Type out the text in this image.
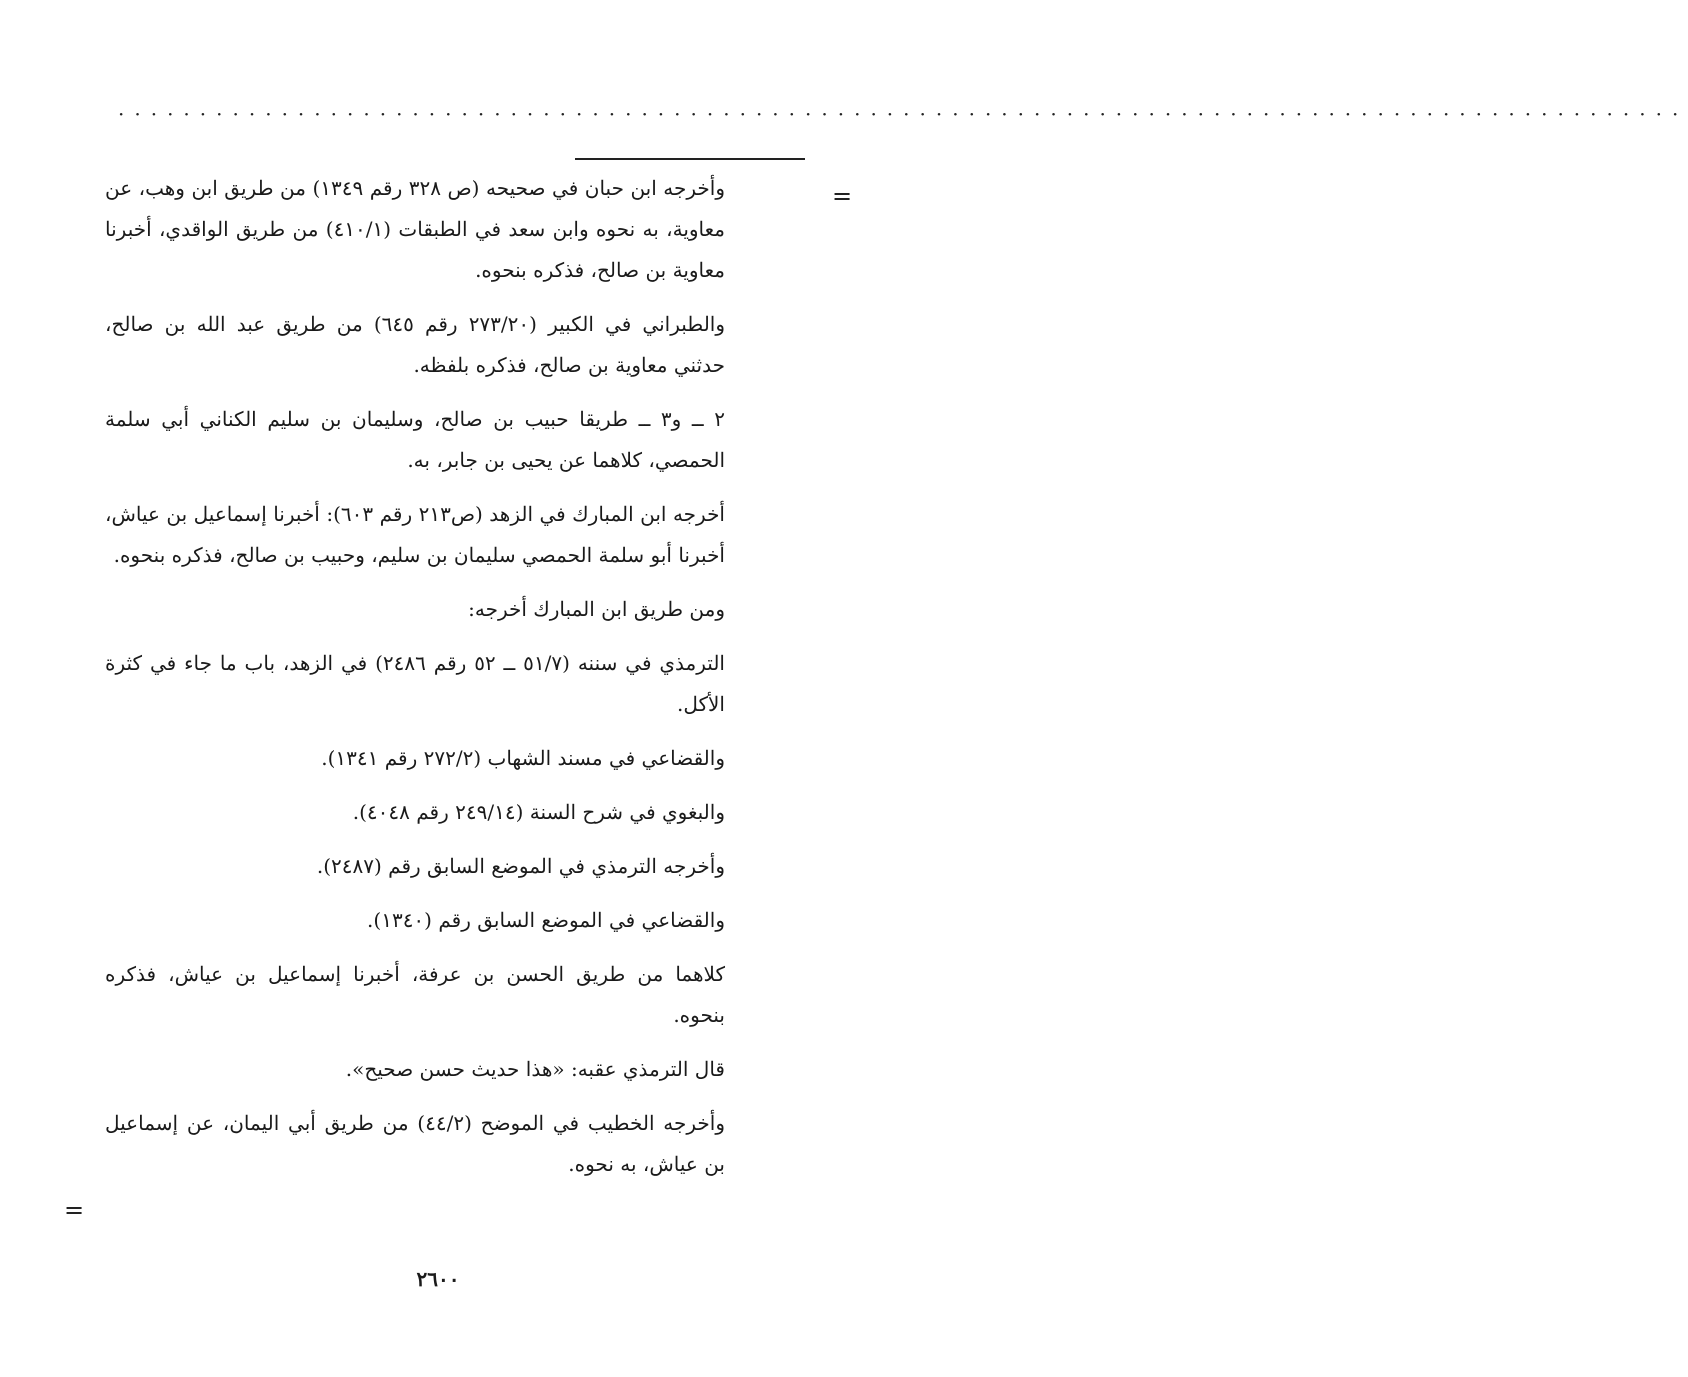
································································································
=

وأخرجه ابن حبان في صحيحه (ص ٣٢٨ رقم ١٣٤٩) من طريق ابن وهب، عن معاوية، به نحوه وابن سعد في الطبقات (٤١٠/١) من طريق الواقدي، أخبرنا معاوية بن صالح، فذكره بنحوه.

والطبراني في الكبير (٢٧٣/٢٠ رقم ٦٤٥) من طريق عبد الله بن صالح، حدثني معاوية بن صالح، فذكره بلفظه.

٢ ــ و٣ ــ طريقا حبيب بن صالح، وسليمان بن سليم الكناني أبي سلمة الحمصي، كلاهما عن يحيى بن جابر، به.

أخرجه ابن المبارك في الزهد (ص٢١٣ رقم ٦٠٣): أخبرنا إسماعيل بن عياش، أخبرنا أبو سلمة الحمصي سليمان بن سليم، وحبيب بن صالح، فذكره بنحوه.

ومن طريق ابن المبارك أخرجه:

الترمذي في سننه (٥١/٧ ــ ٥٢ رقم ٢٤٨٦) في الزهد، باب ما جاء في كثرة الأكل.

والقضاعي في مسند الشهاب (٢٧٢/٢ رقم ١٣٤١).

والبغوي في شرح السنة (٢٤٩/١٤ رقم ٤٠٤٨).

وأخرجه الترمذي في الموضع السابق رقم (٢٤٨٧).

والقضاعي في الموضع السابق رقم (١٣٤٠).

كلاهما من طريق الحسن بن عرفة، أخبرنا إسماعيل بن عياش، فذكره بنحوه.

قال الترمذي عقبه: «هذا حديث حسن صحيح».

وأخرجه الخطيب في الموضح (٤٤/٢) من طريق أبي اليمان، عن إسماعيل بن عياش، به نحوه.

=
٢٦٠٠
